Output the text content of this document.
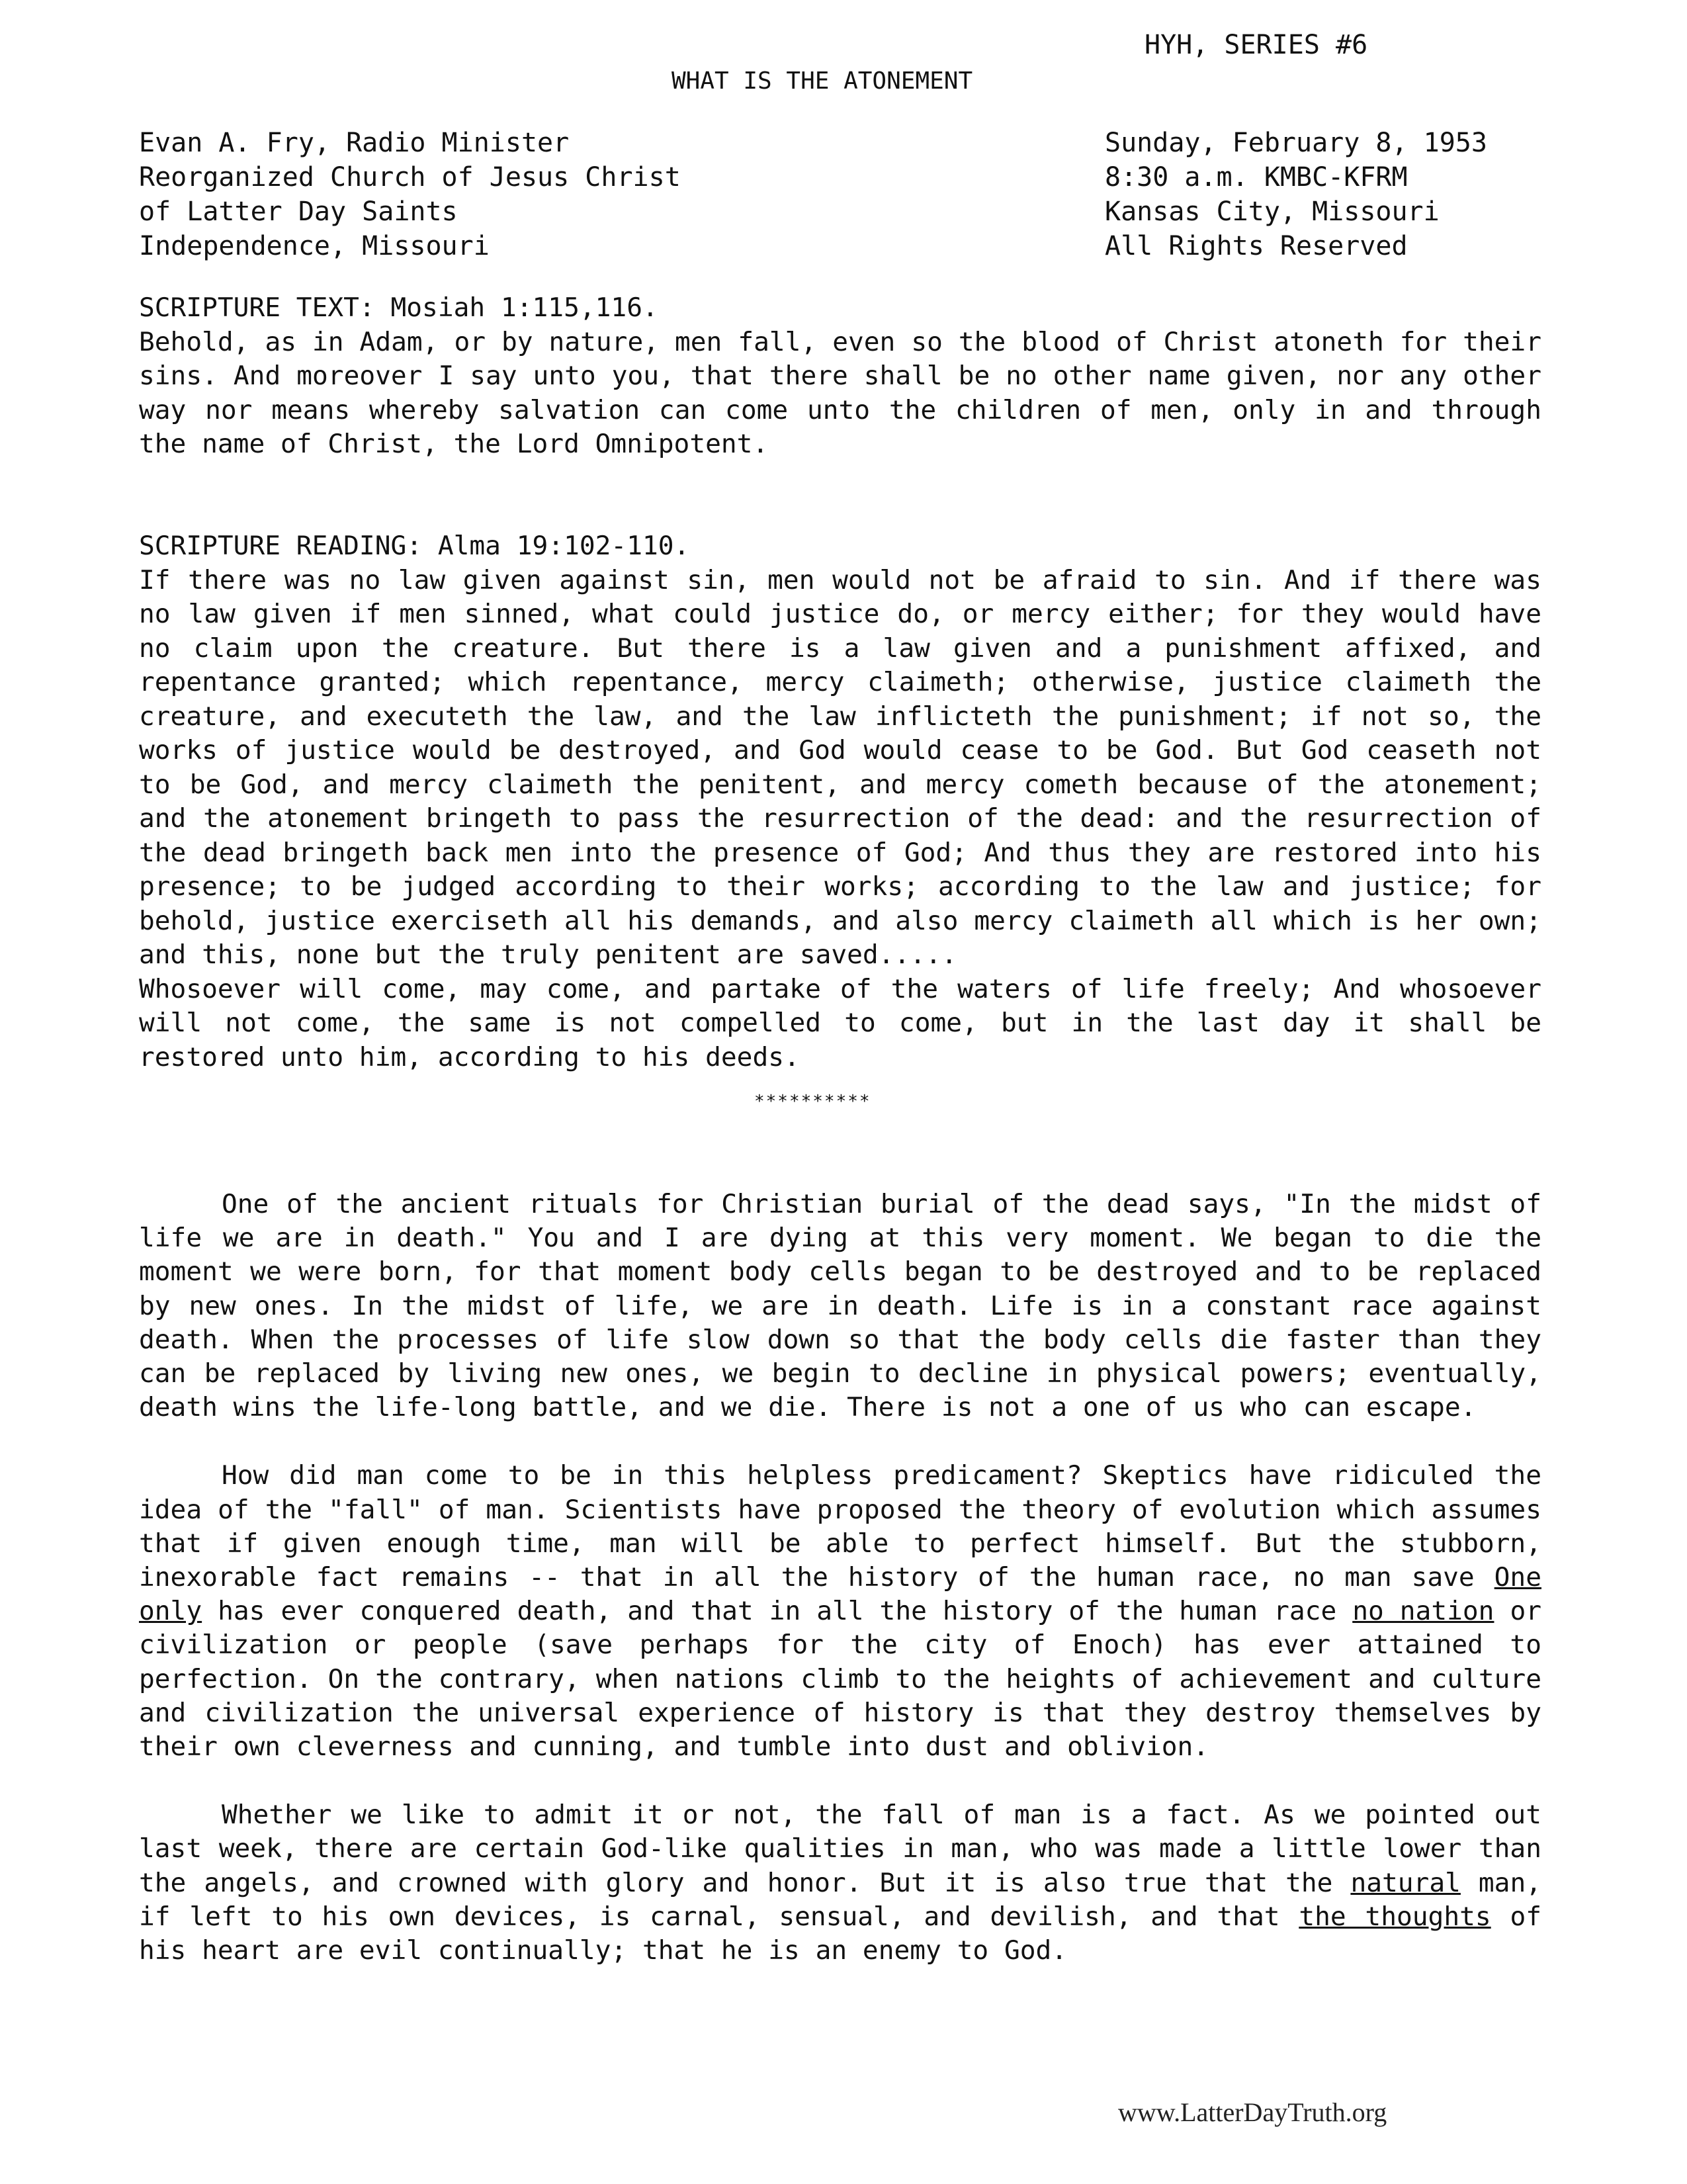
HYH, SERIES #6
WHAT IS THE ATONEMENT
Evan A. Fry, Radio Minister
Reorganized Church of Jesus Christ
of Latter Day Saints
Independence, Missouri
Sunday, February 8, 1953
8:30 a.m. KMBC-KFRM
Kansas City, Missouri
All Rights Reserved

SCRIPTURE TEXT: Mosiah 1:115,116.

Behold, as in Adam, or by nature, men fall, even so the blood of Christ atoneth for their sins. And moreover I say unto you, that there shall be no other name given, nor any other way nor means whereby salvation can come unto the children of men, only in and through the name of Christ, the Lord Omnipotent.

SCRIPTURE READING: Alma 19:102-110.

If there was no law given against sin, men would not be afraid to sin. And if there was no law given if men sinned, what could justice do, or mercy either; for they would have no claim upon the creature. But there is a law given and a punishment affixed, and repentance granted; which repentance, mercy claimeth; otherwise, justice claimeth the creature, and executeth the law, and the law inflicteth the punishment; if not so, the works of justice would be destroyed, and God would cease to be God. But God ceaseth not to be God, and mercy claimeth the penitent, and mercy cometh because of the atonement; and the atonement bringeth to pass the resurrection of the dead: and the resurrection of the dead bringeth back men into the presence of God; And thus they are restored into his presence; to be judged according to their works; according to the law and justice; for behold, justice exerciseth all his demands, and also mercy claimeth all which is her own; and this, none but the truly penitent are saved.....

Whosoever will come, may come, and partake of the waters of life freely; And whosoever will not come, the same is not compelled to come, but in the last day it shall be restored unto him, according to his deeds.

**********

One of the ancient rituals for Christian burial of the dead says, "In the midst of life we are in death." You and I are dying at this very moment. We began to die the moment we were born, for that moment body cells began to be destroyed and to be replaced by new ones. In the midst of life, we are in death. Life is in a constant race against death. When the processes of life slow down so that the body cells die faster than they can be replaced by living new ones, we begin to decline in physical powers; eventually, death wins the life-long battle, and we die. There is not a one of us who can escape.

How did man come to be in this helpless predicament? Skeptics have ridiculed the idea of the "fall" of man. Scientists have proposed the theory of evolution which assumes that if given enough time, man will be able to perfect himself. But the stubborn, inexorable fact remains -- that in all the history of the human race, no man save One only has ever conquered death, and that in all the history of the human race no nation or civilization or people (save perhaps for the city of Enoch) has ever attained to perfection. On the contrary, when nations climb to the heights of achievement and culture and civilization the universal experience of history is that they destroy themselves by their own cleverness and cunning, and tumble into dust and oblivion.

Whether we like to admit it or not, the fall of man is a fact. As we pointed out last week, there are certain God-like qualities in man, who was made a little lower than the angels, and crowned with glory and honor. But it is also true that the natural man, if left to his own devices, is carnal, sensual, and devilish, and that the thoughts of his heart are evil continually; that he is an enemy to God.

www.LatterDayTruth.org
